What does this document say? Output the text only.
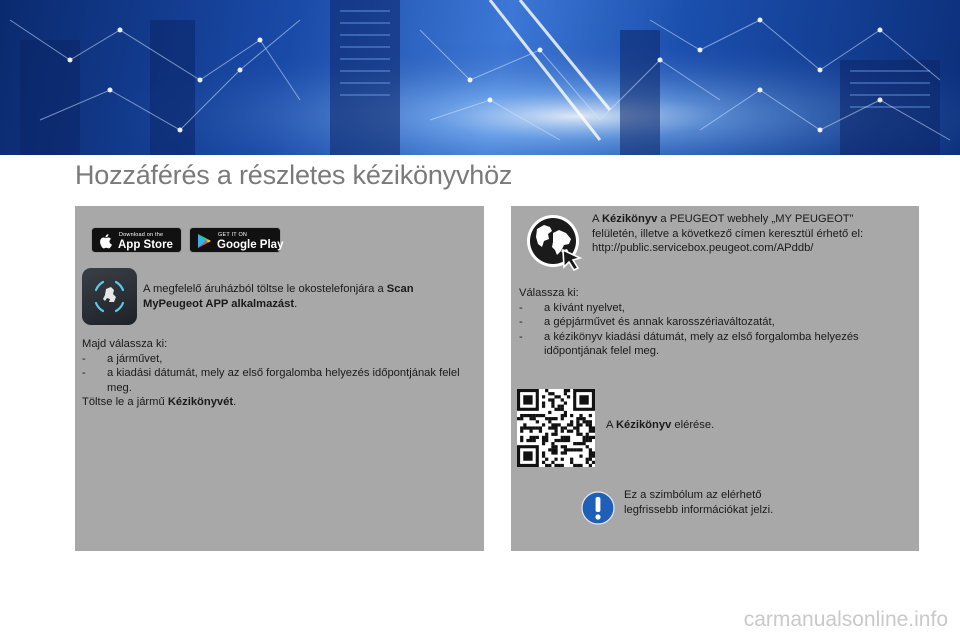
Hozzáférés a részletes kézikönyvhöz
Download on the
App Store
GET IT ON
Google Play
A megfelelő áruházból töltse le okostelefonjára a Scan
MyPeugeot APP alkalmazást.
Majd válassza ki:
- a járművet,
- a kiadási dátumát, mely az első forgalomba helyezés időpontjának felel meg.
Töltse le a jármű Kézikönyvét.
A Kézikönyv a PEUGEOT webhely „MY PEUGEOT”
felületén, illetve a következő címen keresztül érhető el:
http://public.servicebox.peugeot.com/APddb/
Válassza ki:
- a kívánt nyelvet,
- a gépjárművet és annak karosszériaváltozatát,
- a kézikönyv kiadási dátumát, mely az első forgalomba helyezés időpontjának felel meg.
A Kézikönyv elérése.
Ez a szimbólum az elérhető
legfrissebb információkat jelzi.
carmanualsonline.info
